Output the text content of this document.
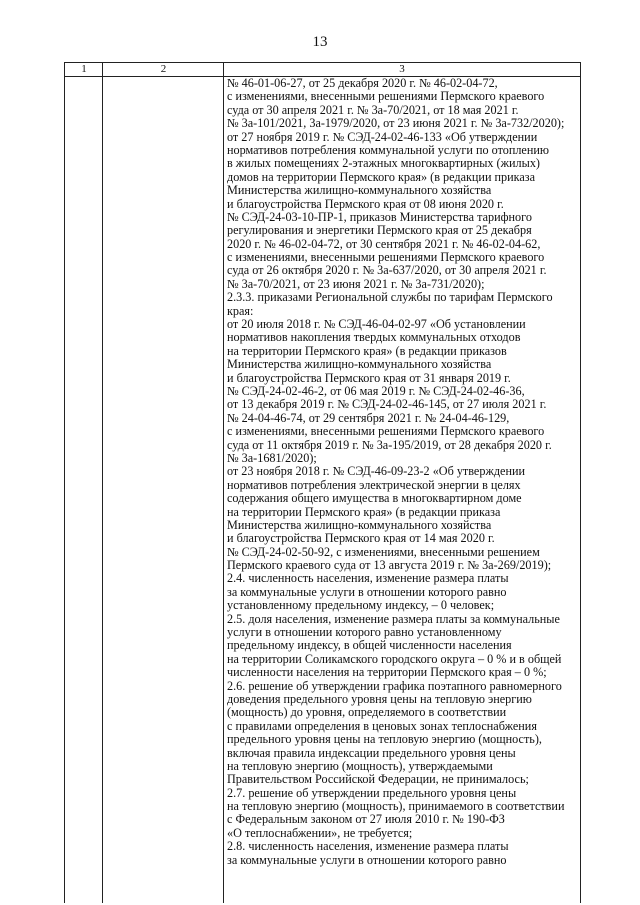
13
1	2	3
№ 46-01-06-27, от 25 декабря 2020 г. № 46-02-04-72,
с изменениями, внесенными решениями Пермского краевого
суда от 30 апреля 2021 г. № 3а-70/2021, от 18 мая 2021 г.
№ 3а-101/2021, 3а-1979/2020, от 23 июня 2021 г. № 3а-732/2020);
от 27 ноября 2019 г. № СЭД-24-02-46-133 «Об утверждении
нормативов потребления коммунальной услуги по отоплению
в жилых помещениях 2-этажных многоквартирных (жилых)
домов на территории Пермского края» (в редакции приказа
Министерства жилищно-коммунального хозяйства
и благоустройства Пермского края от 08 июня 2020 г.
№ СЭД-24-03-10-ПР-1, приказов Министерства тарифного
регулирования и энергетики Пермского края от 25 декабря
2020 г. № 46-02-04-72, от 30 сентября 2021 г. № 46-02-04-62,
с изменениями, внесенными решениями Пермского краевого
суда от 26 октября 2020 г. № 3а-637/2020, от 30 апреля 2021 г.
№ 3а-70/2021, от 23 июня 2021 г. № 3а-731/2020);
2.3.3. приказами Региональной службы по тарифам Пермского
края:
от 20 июля 2018 г. № СЭД-46-04-02-97 «Об установлении
нормативов накопления твердых коммунальных отходов
на территории Пермского края» (в редакции приказов
Министерства жилищно-коммунального хозяйства
и благоустройства Пермского края от 31 января 2019 г.
№ СЭД-24-02-46-2, от 06 мая 2019 г. № СЭД-24-02-46-36,
от 13 декабря 2019 г. № СЭД-24-02-46-145, от 27 июля 2021 г.
№ 24-04-46-74, от 29 сентября 2021 г. № 24-04-46-129,
с изменениями, внесенными решениями Пермского краевого
суда от 11 октября 2019 г. № 3а-195/2019, от 28 декабря 2020 г.
№ 3а-1681/2020);
от 23 ноября 2018 г. № СЭД-46-09-23-2 «Об утверждении
нормативов потребления электрической энергии в целях
содержания общего имущества в многоквартирном доме
на территории Пермского края» (в редакции приказа
Министерства жилищно-коммунального хозяйства
и благоустройства Пермского края от 14 мая 2020 г.
№ СЭД-24-02-50-92, с изменениями, внесенными решением
Пермского краевого суда от 13 августа 2019 г. № 3а-269/2019);
2.4. численность населения, изменение размера платы
за коммунальные услуги в отношении которого равно
установленному предельному индексу, – 0 человек;
2.5. доля населения, изменение размера платы за коммунальные
услуги в отношении которого равно установленному
предельному индексу, в общей численности населения
на территории Соликамского городского округа – 0 % и в общей
численности населения на территории Пермского края – 0 %;
2.6. решение об утверждении графика поэтапного равномерного
доведения предельного уровня цены на тепловую энергию
(мощность) до уровня, определяемого в соответствии
с правилами определения в ценовых зонах теплоснабжения
предельного уровня цены на тепловую энергию (мощность),
включая правила индексации предельного уровня цены
на тепловую энергию (мощность), утверждаемыми
Правительством Российской Федерации, не принималось;
2.7. решение об утверждении предельного уровня цены
на тепловую энергию (мощность), принимаемого в соответствии
с Федеральным законом от 27 июля 2010 г. № 190-ФЗ
«О теплоснабжении», не требуется;
2.8. численность населения, изменение размера платы
за коммунальные услуги в отношении которого равно
